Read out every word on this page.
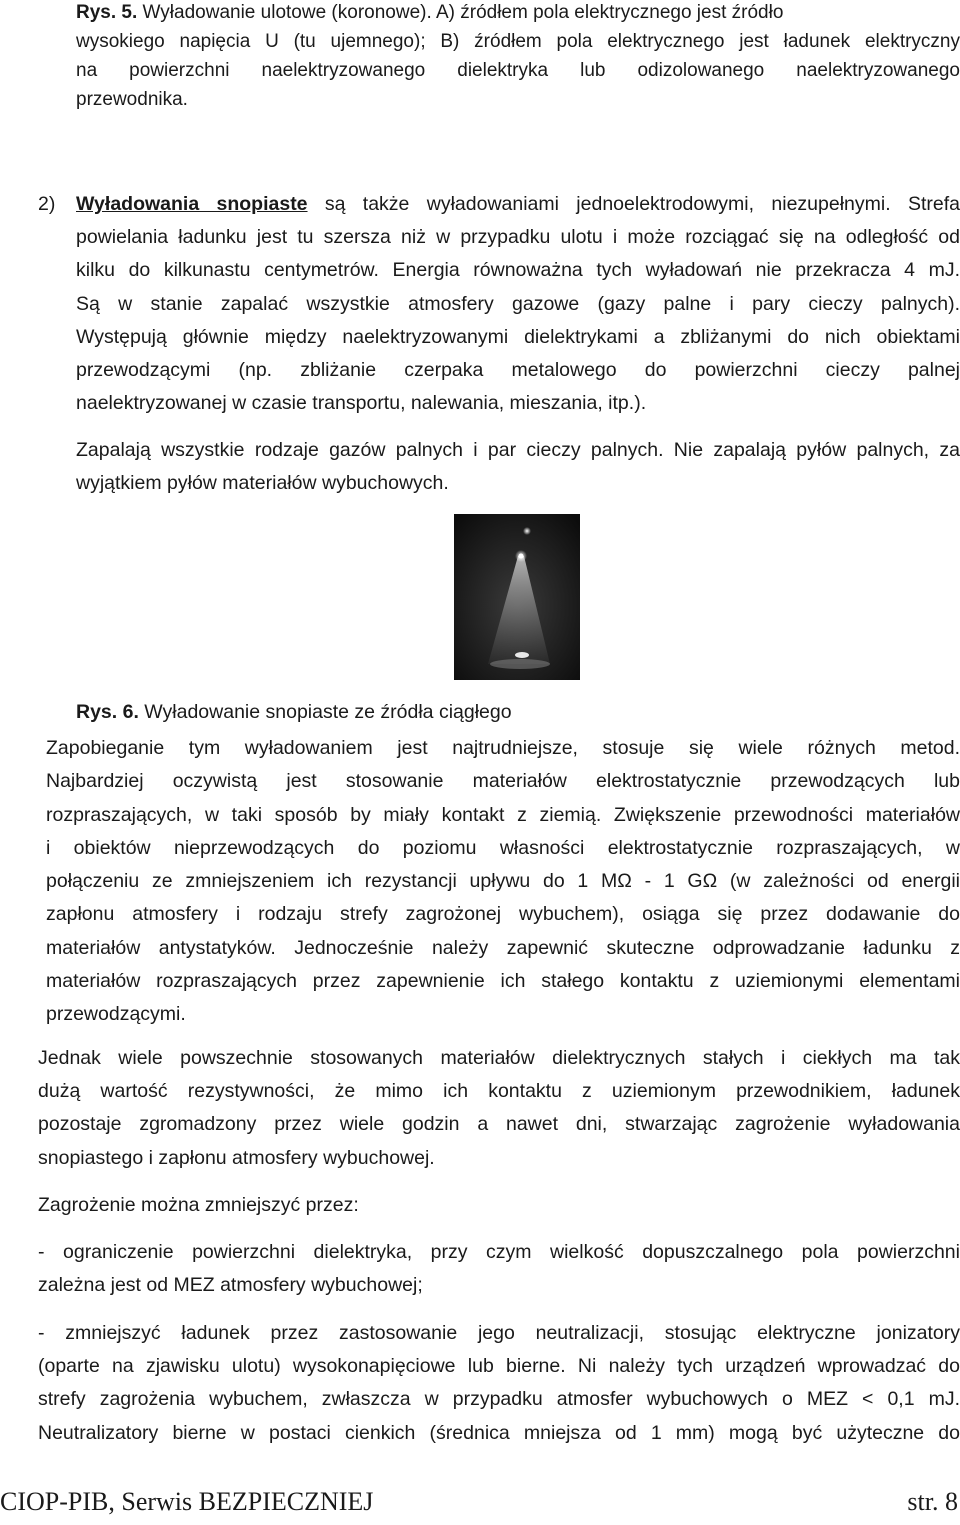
Rys. 5. Wyładowanie ulotowe (koronowe). A) źródłem pola elektrycznego jest źródło
wysokiego napięcia U (tu ujemnego); B) źródłem pola elektrycznego jest ładunek elektryczny
na powierzchni naelektryzowanego dielektryka lub odizolowanego naelektryzowanego
przewodnika.
2) Wyładowania snopiaste są także wyładowaniami jednoelektrodowymi, niezupełnymi. Strefa
powielania ładunku jest tu szersza niż w przypadku ulotu i może rozciągać się na odległość od
kilku do kilkunastu centymetrów. Energia równoważna tych wyładowań nie przekracza 4 mJ.
Są w stanie zapalać wszystkie atmosfery gazowe (gazy palne i pary cieczy palnych).
Występują głównie między naelektryzowanymi dielektrykami a zbliżanymi do nich obiektami
przewodzącymi (np. zbliżanie czerpaka metalowego do powierzchni cieczy palnej
naelektryzowanej w czasie transportu, nalewania, mieszania, itp.).
Zapalają wszystkie rodzaje gazów palnych i par cieczy palnych. Nie zapalają pyłów palnych, za
wyjątkiem pyłów materiałów wybuchowych.
Rys. 6. Wyładowanie snopiaste ze źródła ciągłego
Zapobieganie tym wyładowaniem jest najtrudniejsze, stosuje się wiele różnych metod.
Najbardziej oczywistą jest stosowanie materiałów elektrostatycznie przewodzących lub
rozpraszających, w taki sposób by miały kontakt z ziemią. Zwiększenie przewodności materiałów
i obiektów nieprzewodzących do poziomu własności elektrostatycznie rozpraszających, w
połączeniu ze zmniejszeniem ich rezystancji upływu do 1 MΩ - 1 GΩ (w zależności od energii
zapłonu atmosfery i rodzaju strefy zagrożonej wybuchem), osiąga się przez dodawanie do
materiałów antystatyków. Jednocześnie należy zapewnić skuteczne odprowadzanie ładunku z
materiałów rozpraszających przez zapewnienie ich stałego kontaktu z uziemionymi elementami
przewodzącymi.
Jednak wiele powszechnie stosowanych materiałów dielektrycznych stałych i ciekłych ma tak
dużą wartość rezystywności, że mimo ich kontaktu z uziemionym przewodnikiem, ładunek
pozostaje zgromadzony przez wiele godzin a nawet dni, stwarzając zagrożenie wyładowania
snopiastego i zapłonu atmosfery wybuchowej.
Zagrożenie można zmniejszyć przez:
- ograniczenie powierzchni dielektryka, przy czym wielkość dopuszczalnego pola powierzchni
zależna jest od MEZ atmosfery wybuchowej;
- zmniejszyć ładunek przez zastosowanie jego neutralizacji, stosując elektryczne jonizatory
(oparte na zjawisku ulotu) wysokonapięciowe lub bierne. Ni należy tych urządzeń wprowadzać do
strefy zagrożenia wybuchem, zwłaszcza w przypadku atmosfer wybuchowych o MEZ < 0,1 mJ.
Neutralizatory bierne w postaci cienkich (średnica mniejsza od 1 mm) mogą być użyteczne do
CIOP-PIB, Serwis BEZPIECZNIEJ	str. 8
